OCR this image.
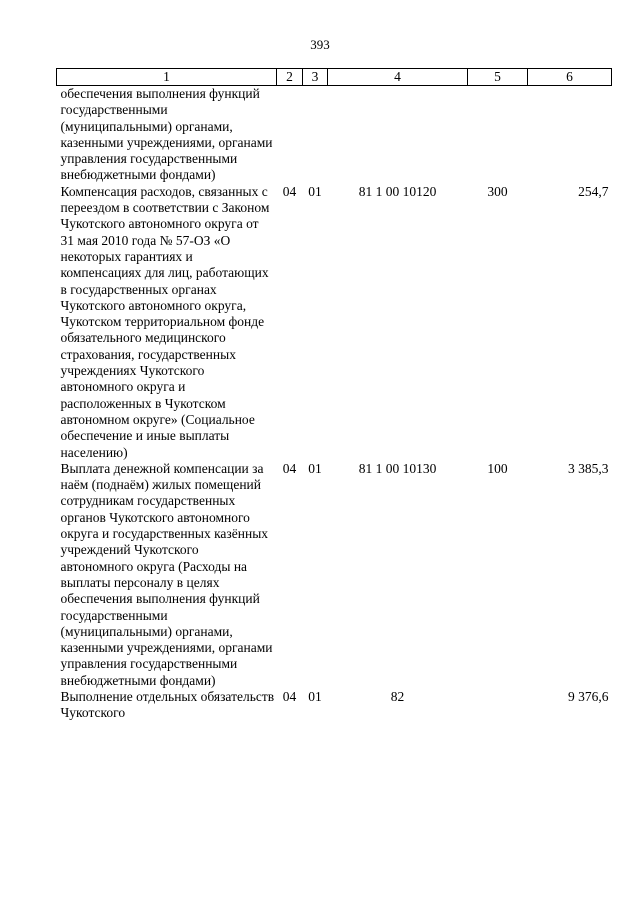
393
1	2	3	4	5	6
обеспечения выполнения функций государственными (муниципальными) органами, казенными учреждениями, органами управления государственными внебюджетными фондами)					
Компенсация расходов, связанных с переездом в соответствии с Законом Чукотского автономного округа от 31 мая 2010 года № 57-ОЗ «О некоторых гарантиях и компенсациях для лиц, работающих в государственных органах Чукотского автономного округа, Чукотском территориальном фонде обязательного медицинского страхования, государственных учреждениях Чукотского автономного округа и расположенных в Чукотском автономном округе» (Социальное обеспечение и иные выплаты населению)	04	01	81 1 00 10120	300	254,7
Выплата денежной компенсации за наём (поднаём) жилых помещений сотрудникам государственных органов Чукотского автономного округа и государственных казённых учреждений Чукотского автономного округа (Расходы на выплаты персоналу в целях обеспечения выполнения функций государственными (муниципальными) органами, казенными учреждениями, органами управления государственными внебюджетными фондами)	04	01	81 1 00 10130	100	3 385,3
Выполнение отдельных обязательств Чукотского	04	01	82		9 376,6
